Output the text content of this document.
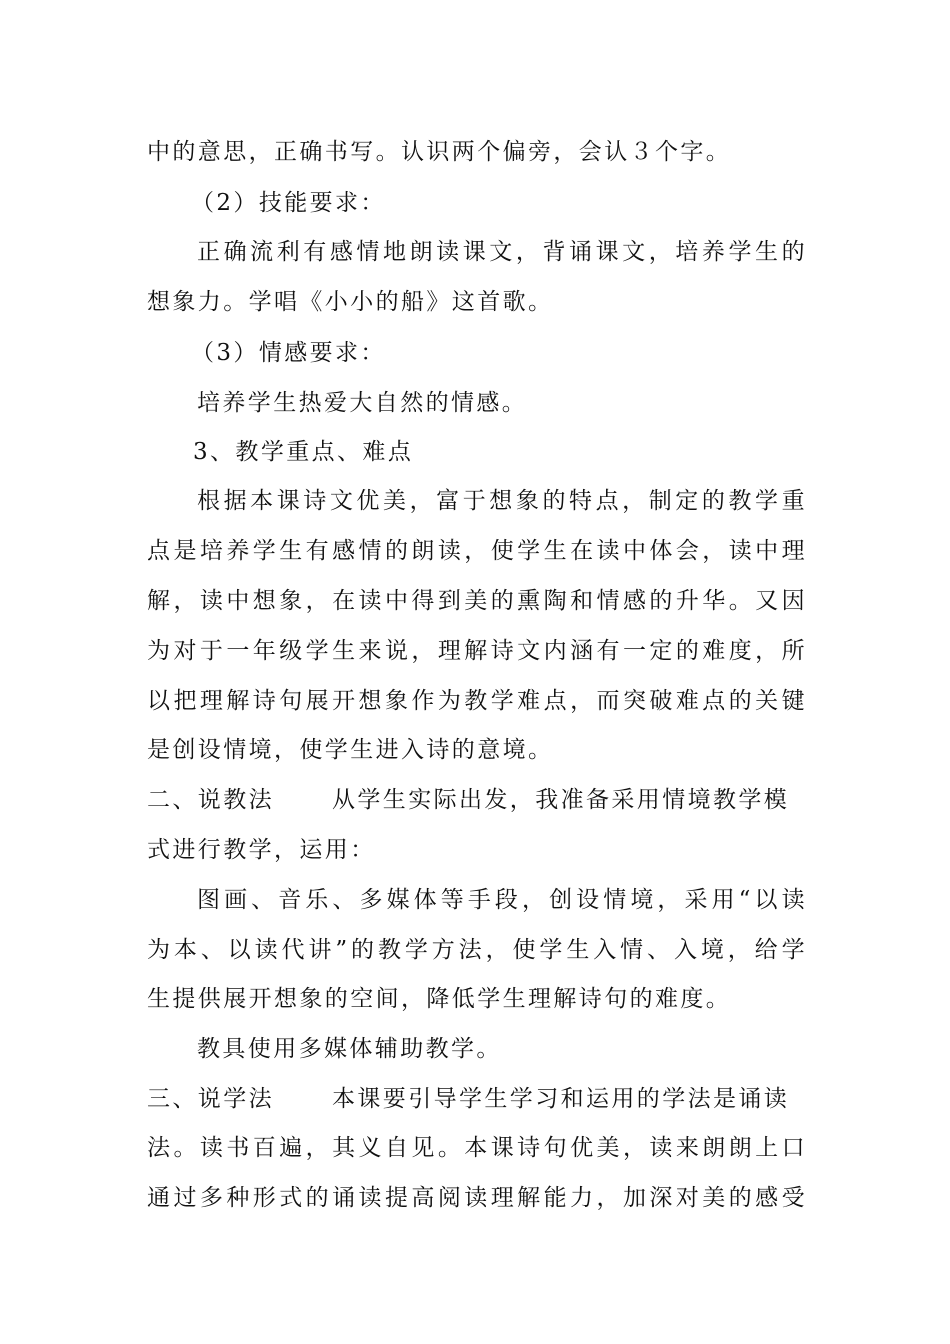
中的意思，正确书写。认识两个偏旁，会认３个字。
（2）技能要求：
正确流利有感情地朗读课文，背诵课文，培养学生的
想象力。学唱《小小的船》这首歌。
（3）情感要求：
培养学生热爱大自然的情感。
3、教学重点、难点
根据本课诗文优美，富于想象的特点，制定的教学重
点是培养学生有感情的朗读，使学生在读中体会，读中理
解，读中想象，在读中得到美的熏陶和情感的升华。又因
为对于一年级学生来说，理解诗文内涵有一定的难度，所
以把理解诗句展开想象作为教学难点，而突破难点的关键
是创设情境，使学生进入诗的意境。
二、说教法	从学生实际出发，我准备采用情境教学模
式进行教学，运用：
图画、音乐、多媒体等手段，创设情境，采用“以读
为本、以读代讲”的教学方法，使学生入情、入境，给学
生提供展开想象的空间，降低学生理解诗句的难度。
教具使用多媒体辅助教学。
三、说学法	本课要引导学生学习和运用的学法是诵读
法。读书百遍，其义自见。本课诗句优美，读来朗朗上口
通过多种形式的诵读提高阅读理解能力，加深对美的感受
